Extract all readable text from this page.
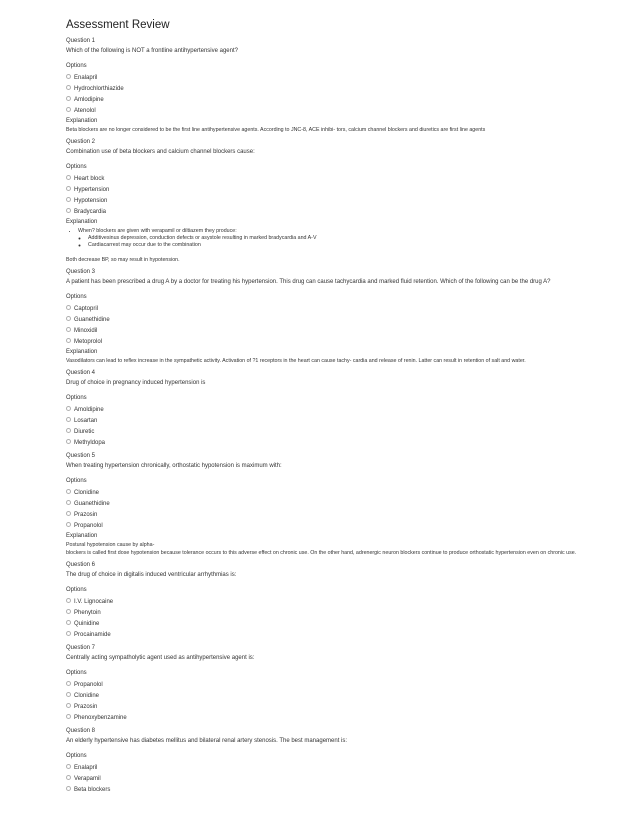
Assessment Review
Question 1
Which of the following is NOT a frontline antihypertensive agent?
Options
Enalapril
Hydrochlorthiazide
Amlodipine
Atenolol
Explanation
Beta blockers are no longer considered to be the first line antihypertensive agents. According to JNC-8, ACE inhibi- tors, calcium channel blockers and diuretics are first line agents
Question 2
Combination use of beta blockers and calcium channel blockers cause:
Options
Heart block
Hypertension
Hypotension
Bradycardia
Explanation
• When? blockers are given with verapamil or diltiazem they produce:
◦ Additivesinus depression, conduction defects or asystole resulting in marked bradycardia and A-V
◦ Cardiacarrest may occur due to the combination
Both decrease BP, so may result in hypotension.
Question 3
A patient has been prescribed a drug A by a doctor for treating his hypertension. This drug can cause tachycardia and marked fluid retention. Which of the following can be the drug A?
Options
Captopril
Guanethidine
Minoxidil
Metoprolol
Explanation
Vasodilators can lead to reflex increase in the sympathetic activity. Activation of ?1 receptors in the heart can cause tachy- cardia and release of renin. Latter can result in retention of salt and water.
Question 4
Drug of choice in pregnancy induced hypertension is
Options
Amoldipine
Losartan
Diuretic
Methyldopa
Question 5
When treating hypertension chronically, orthostatic hypotension is maximum with:
Options
Clonidine
Guanethidine
Prazosin
Propanolol
Explanation
Postural hypotension cause by alpha-
blockers is called first dose hypotension because tolerance occurs to this adverse effect on chronic use. On the other hand, adrenergic neuron blockers continue to produce orthostatic hypertension even on chronic use.
Question 6
The drug of choice in digitalis induced ventricular arrhythmias is:
Options
I.V. Lignocaine
Phenytoin
Quinidine
Procainamide
Question 7
Centrally acting sympatholytic agent used as antihypertensive agent is:
Options
Propanolol
Clonidine
Prazosin
Phenoxybenzamine
Question 8
An elderly hypertensive has diabetes mellitus and bilateral renal artery stenosis. The best management is:
Options
Enalapril
Verapamil
Beta blockers
